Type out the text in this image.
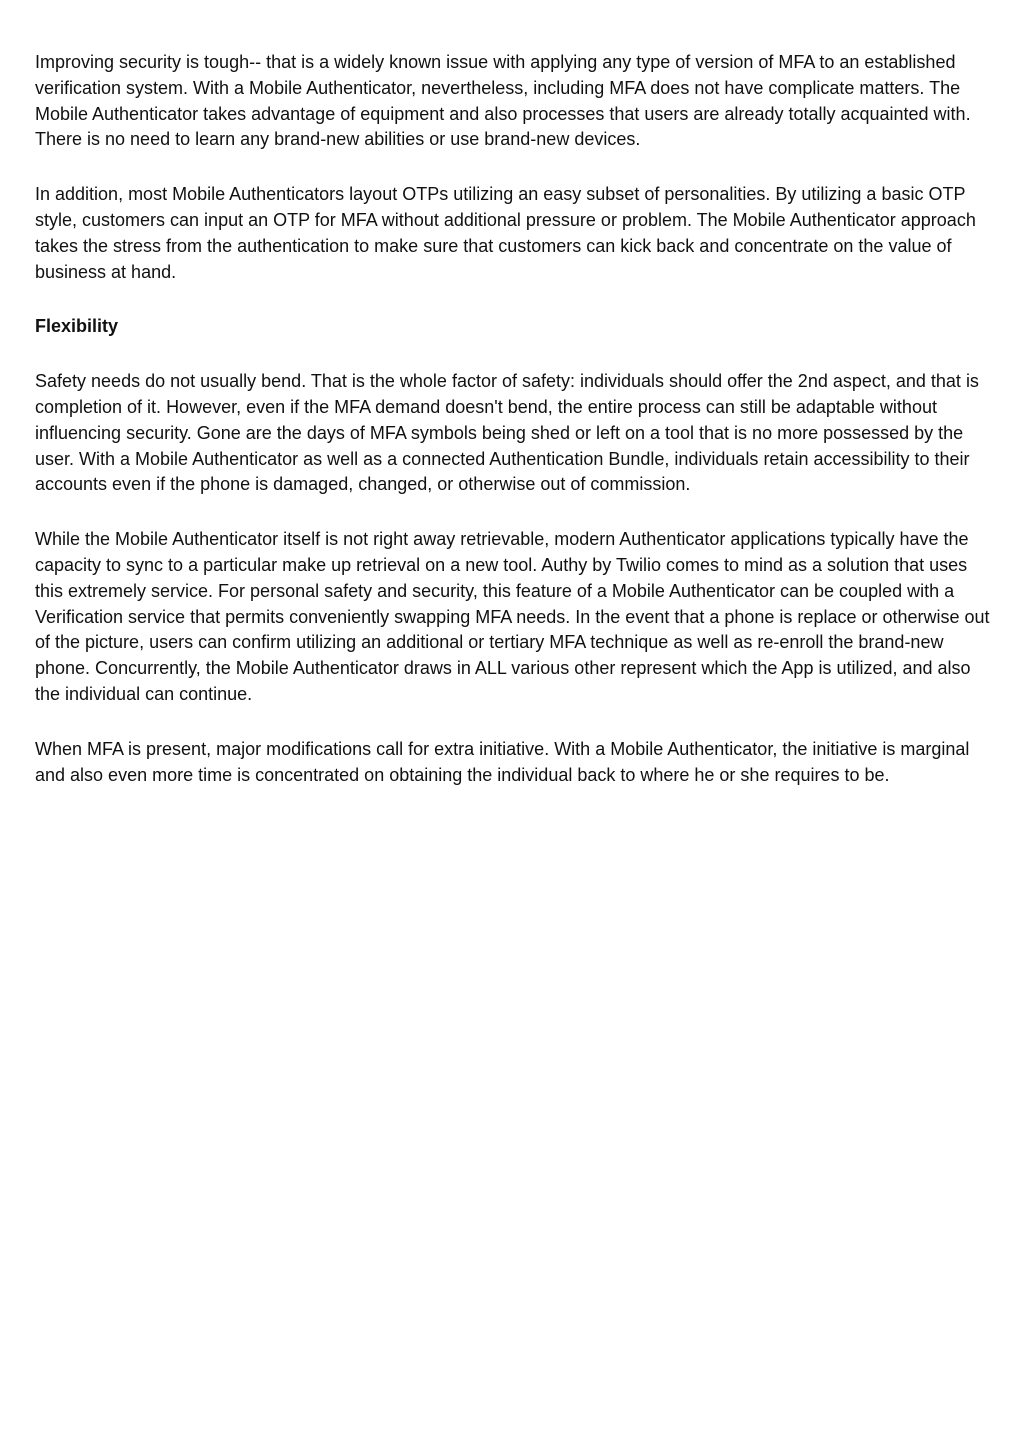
Improving security is tough-- that is a widely known issue with applying any type of version of MFA to an established verification system. With a Mobile Authenticator, nevertheless, including MFA does not have complicate matters. The Mobile Authenticator takes advantage of equipment and also processes that users are already totally acquainted with. There is no need to learn any brand-new abilities or use brand-new devices.

In addition, most Mobile Authenticators layout OTPs utilizing an easy subset of personalities. By utilizing a basic OTP style, customers can input an OTP for MFA without additional pressure or problem. The Mobile Authenticator approach takes the stress from the authentication to make sure that customers can kick back and concentrate on the value of business at hand.

Flexibility

Safety needs do not usually bend. That is the whole factor of safety: individuals should offer the 2nd aspect, and that is completion of it. However, even if the MFA demand doesn't bend, the entire process can still be adaptable without influencing security. Gone are the days of MFA symbols being shed or left on a tool that is no more possessed by the user. With a Mobile Authenticator as well as a connected Authentication Bundle, individuals retain accessibility to their accounts even if the phone is damaged, changed, or otherwise out of commission.

While the Mobile Authenticator itself is not right away retrievable, modern Authenticator applications typically have the capacity to sync to a particular make up retrieval on a new tool. Authy by Twilio comes to mind as a solution that uses this extremely service. For personal safety and security, this feature of a Mobile Authenticator can be coupled with a Verification service that permits conveniently swapping MFA needs. In the event that a phone is replace or otherwise out of the picture, users can confirm utilizing an additional or tertiary MFA technique as well as re-enroll the brand-new phone. Concurrently, the Mobile Authenticator draws in ALL various other represent which the App is utilized, and also the individual can continue.

When MFA is present, major modifications call for extra initiative. With a Mobile Authenticator, the initiative is marginal and also even more time is concentrated on obtaining the individual back to where he or she requires to be.
